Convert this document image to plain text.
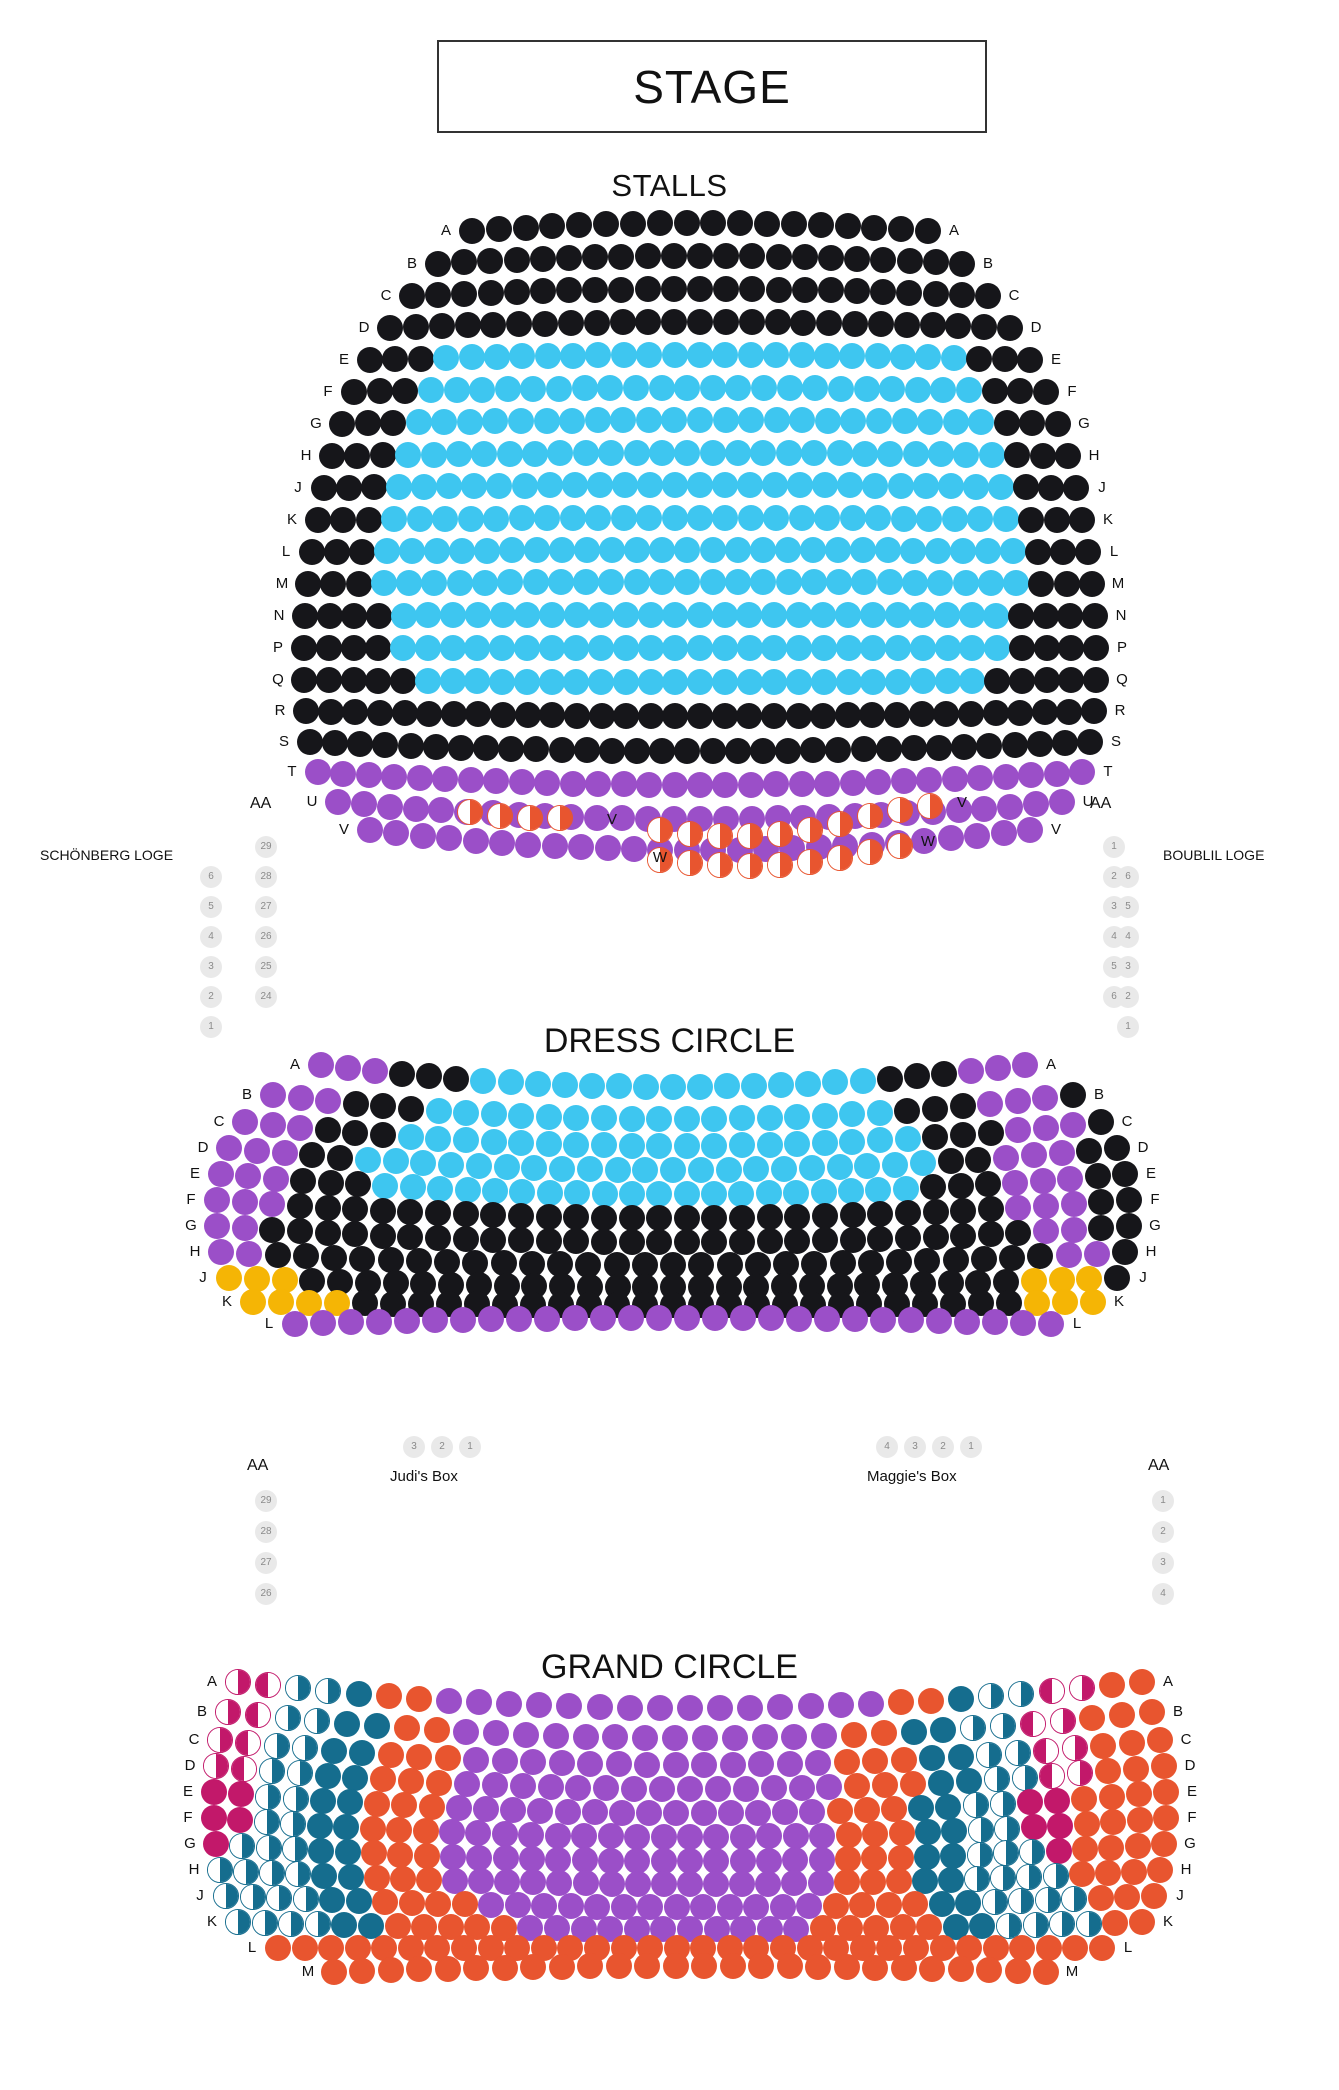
STAGE
STALLS
DRESS CIRCLE
GRAND CIRCLE
A	A
B	B
C	C
D	D
E	E
F	F
G	G
H	H
J	J
K	K
L	L
M	M
N	N
P	P
Q	Q
R	R
S	S
T	T
U	U
V	V
V
V
W
W
A	A
B	B
C	C
D	D
E	E
F	F
G	G
H	H
J	J
K	K
L	L
A	A
B	B
C	C
D	D
E	E
F	F
G	G
H	H
J	J
K	K
L	L
M	M
AA	AA
SCHÖNBERG LOGE	BOUBLIL LOGE
6
5
4
3
2
1
6
5
4
3
2
1
29
28
27
26
25
24
1
2
3
4
5
6
3	2	1
Judi's Box
4	3	2	1
Maggie's Box
AA	AA
29
28
27
26
1
2
3
4
